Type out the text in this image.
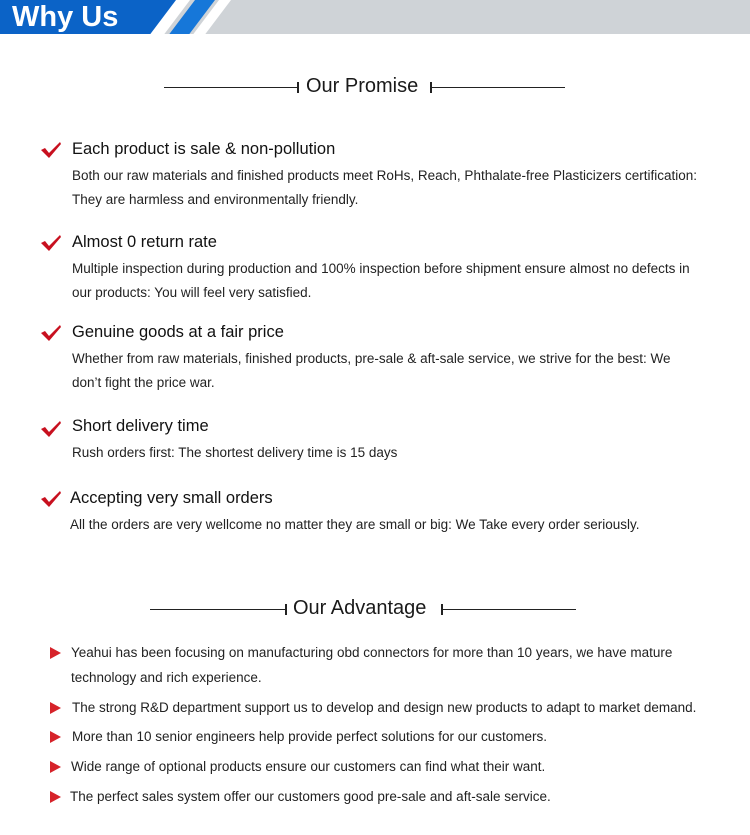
Why Us
Our Promise
Each product is sale & non-pollution
Both our raw materials and finished products meet RoHs, Reach, Phthalate-free Plasticizers certification:
They are harmless and environmentally friendly.
Almost 0 return rate
Multiple inspection during production and 100% inspection before shipment ensure almost no defects in
our products: You will feel very satisfied.
Genuine goods at a fair price
Whether from raw materials, finished products, pre-sale & aft-sale service, we strive for the best: We
don’t fight the price war.
Short delivery time
Rush orders first: The shortest delivery time is 15 days
Accepting very small orders
All the orders are very wellcome no matter they are small or big: We Take every order seriously.
Our Advantage
Yeahui has been focusing on manufacturing obd connectors for more than 10 years, we have mature
technology and rich experience.
The strong R&D department support us to develop and design new products to adapt to market demand.
More than 10 senior engineers help provide perfect solutions for our customers.
Wide range of optional products ensure our customers can find what their want.
The perfect sales system offer our customers good pre-sale and aft-sale service.
